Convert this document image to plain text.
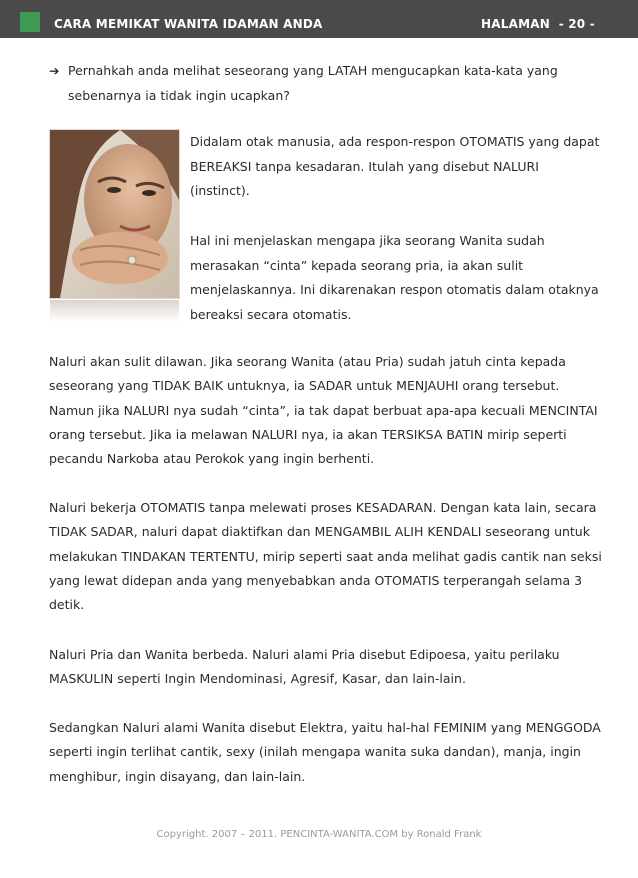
CARA MEMIKAT WANITA IDAMAN ANDA	HALAMAN  - 20 -
➔ Pernahkah anda melihat seseorang yang LATAH mengucapkan kata-kata yang sebenarnya ia tidak ingin ucapkan?
Didalam otak manusia, ada respon-respon OTOMATIS yang dapat BEREAKSI tanpa kesadaran. Itulah yang disebut NALURI (instinct).
Hal ini menjelaskan mengapa jika seorang Wanita sudah merasakan “cinta” kepada seorang pria, ia akan sulit menjelaskannya. Ini dikarenakan respon otomatis dalam otaknya bereaksi secara otomatis.
Naluri akan sulit dilawan. Jika seorang Wanita (atau Pria) sudah jatuh cinta kepada seseorang yang TIDAK BAIK untuknya, ia SADAR untuk MENJAUHI orang tersebut. Namun jika NALURI nya sudah “cinta”, ia tak dapat berbuat apa-apa kecuali MENCINTAI orang tersebut. Jika ia melawan NALURI nya, ia akan TERSIKSA BATIN mirip seperti pecandu Narkoba atau Perokok yang ingin berhenti.
Naluri bekerja OTOMATIS tanpa melewati proses KESADARAN. Dengan kata lain, secara TIDAK SADAR, naluri dapat diaktifkan dan MENGAMBIL ALIH KENDALI seseorang untuk melakukan TINDAKAN TERTENTU, mirip seperti saat anda melihat gadis cantik nan seksi yang lewat didepan anda yang menyebabkan anda OTOMATIS terperangah selama 3 detik.
Naluri Pria dan Wanita berbeda. Naluri alami Pria disebut Edipoesa, yaitu perilaku MASKULIN seperti Ingin Mendominasi, Agresif, Kasar, dan lain-lain.
Sedangkan Naluri alami Wanita disebut Elektra, yaitu hal-hal FEMINIM yang MENGGODA seperti ingin terlihat cantik, sexy (inilah mengapa wanita suka dandan), manja, ingin menghibur, ingin disayang, dan lain-lain.
Copyright. 2007 – 2011. PENCINTA-WANITA.COM by Ronald Frank
